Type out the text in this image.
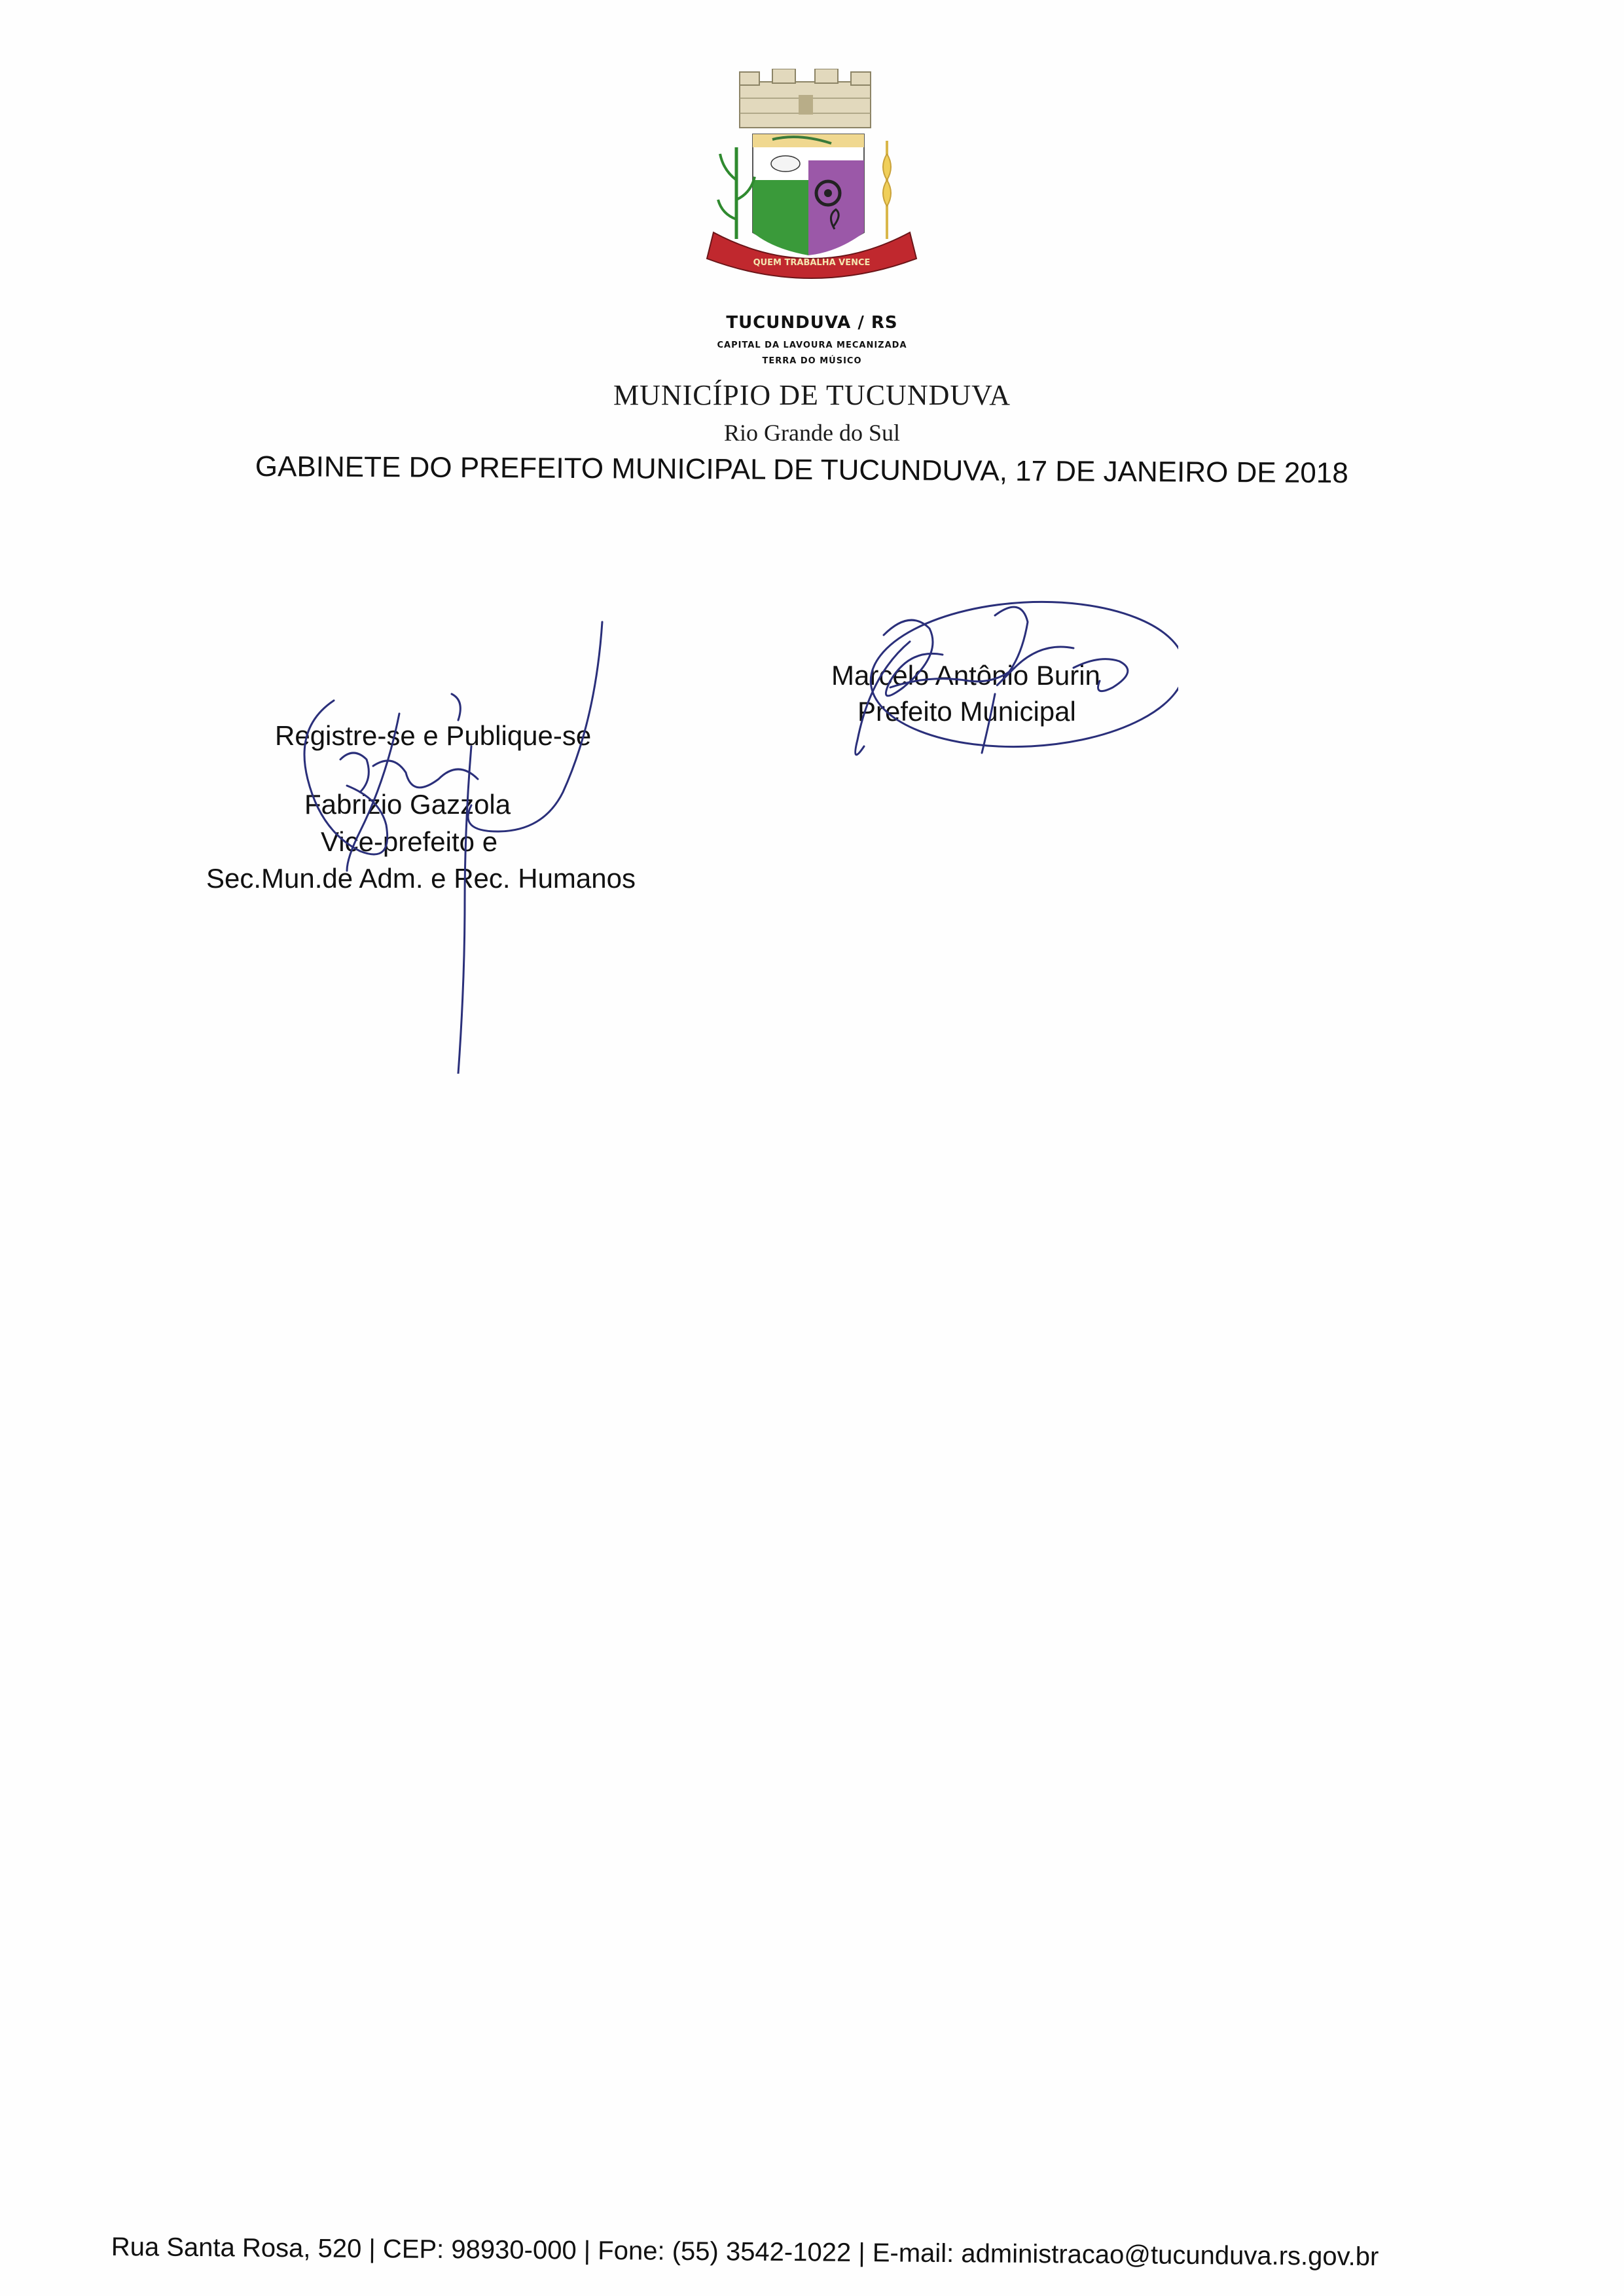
QUEM TRABALHA VENCE
TUCUNDUVA / RS
CAPITAL DA LAVOURA MECANIZADA
TERRA DO MÚSICO
MUNICÍPIO DE TUCUNDUVA
Rio Grande do Sul
GABINETE DO PREFEITO MUNICIPAL DE TUCUNDUVA, 17 DE JANEIRO DE 2018
Marcelo Antônio Burin
Prefeito Municipal
Registre-se e Publique-se
Fabrizio Gazzola
Vice-prefeito e
Sec.Mun.de Adm. e Rec. Humanos
Rua Santa Rosa, 520 | CEP: 98930-000 | Fone: (55) 3542-1022 | E-mail: administracao@tucunduva.rs.gov.br
